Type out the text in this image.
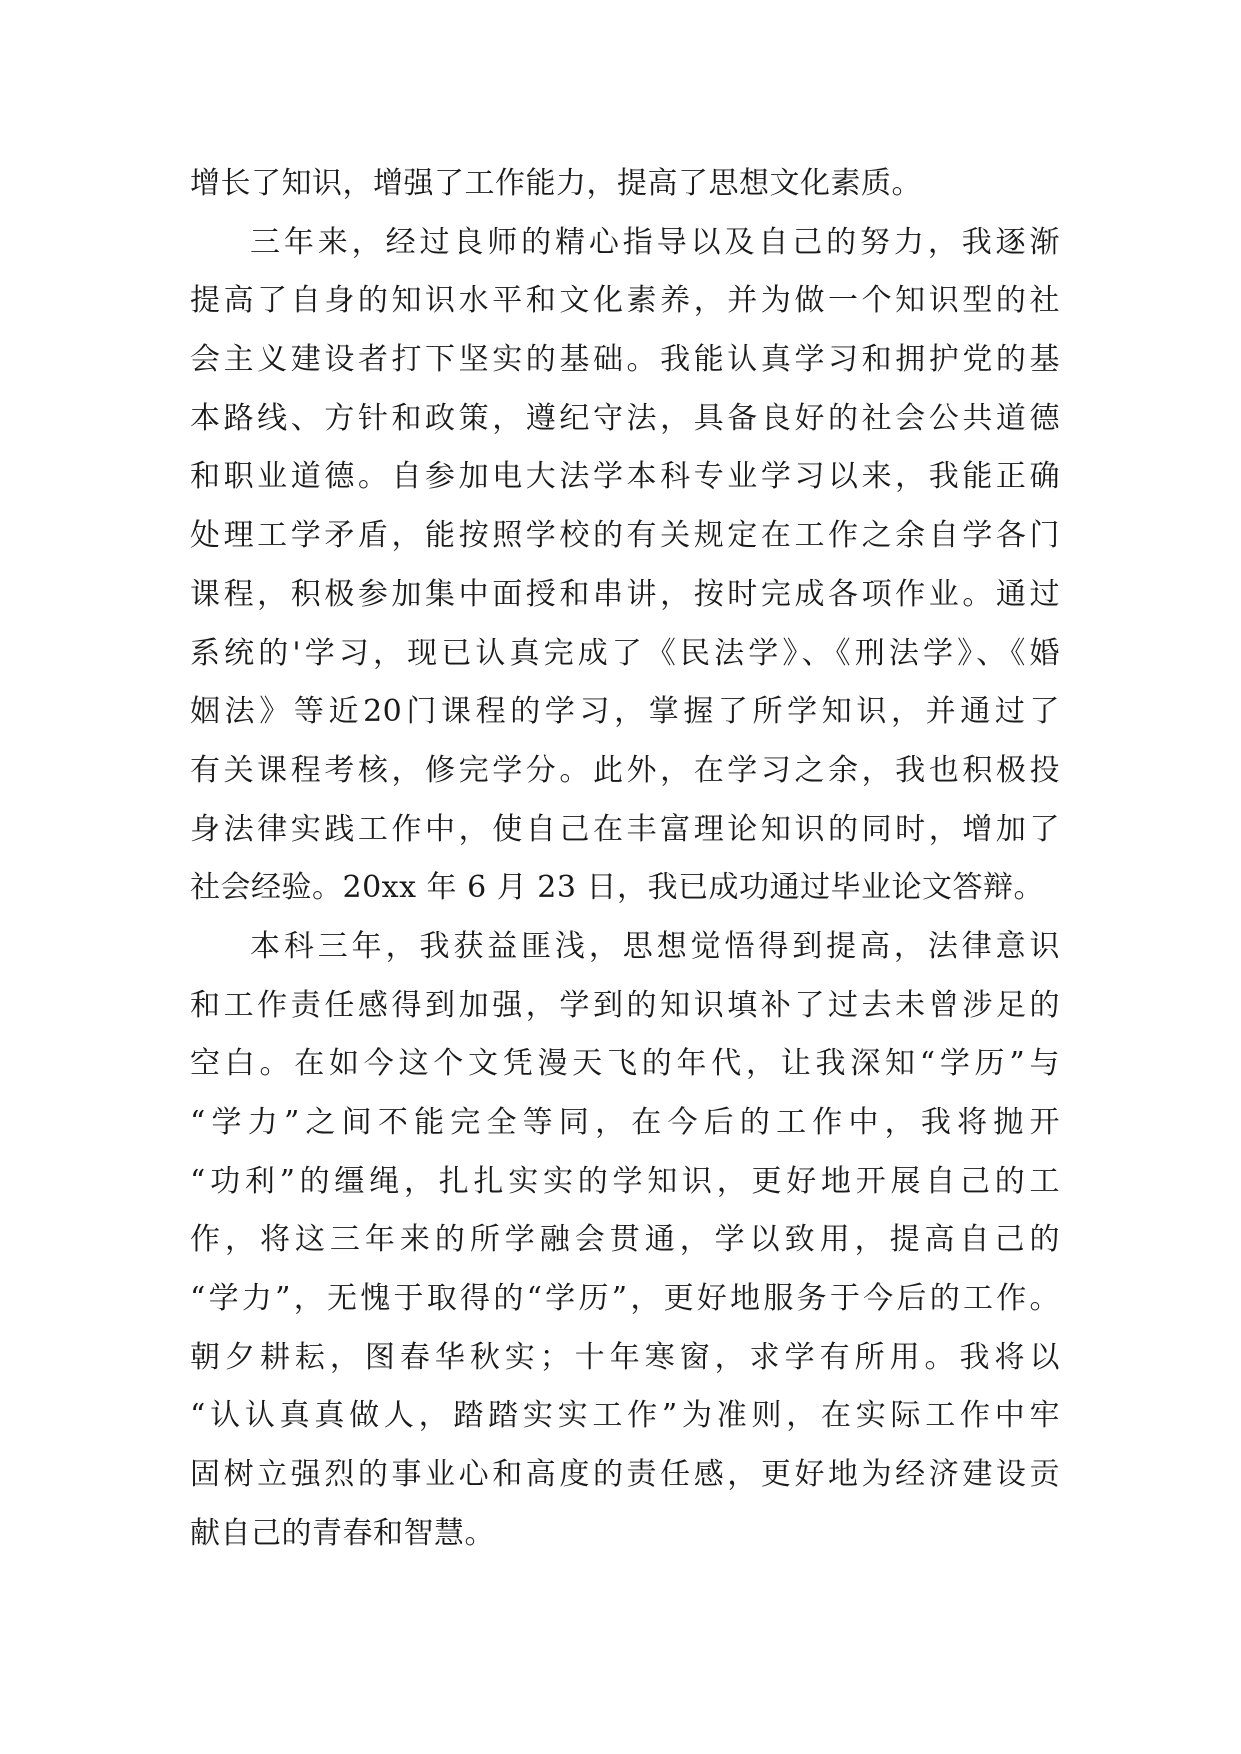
增长了知识，增强了工作能力，提高了思想文化素质。
三年来，经过良师的精心指导以及自己的努力，我逐渐
提高了自身的知识水平和文化素养，并为做一个知识型的社
会主义建设者打下坚实的基础。我能认真学习和拥护党的基
本路线、方针和政策，遵纪守法，具备良好的社会公共道德
和职业道德。自参加电大法学本科专业学习以来，我能正确
处理工学矛盾，能按照学校的有关规定在工作之余自学各门
课程，积极参加集中面授和串讲，按时完成各项作业。通过
系统的'学习，现已认真完成了《民法学》、《刑法学》、《婚
姻法》等近20门课程的学习，掌握了所学知识，并通过了
有关课程考核，修完学分。此外，在学习之余，我也积极投
身法律实践工作中，使自己在丰富理论知识的同时，增加了
社会经验。20xx 年 6 月 23 日，我已成功通过毕业论文答辩。
本科三年，我获益匪浅，思想觉悟得到提高，法律意识
和工作责任感得到加强，学到的知识填补了过去未曾涉足的
空白。在如今这个文凭漫天飞的年代，让我深知“学历”与
“学力”之间不能完全等同，在今后的工作中，我将抛开
“功利”的缰绳，扎扎实实的学知识，更好地开展自己的工
作，将这三年来的所学融会贯通，学以致用，提高自己的
“学力”，无愧于取得的“学历”，更好地服务于今后的工作。
朝夕耕耘，图春华秋实；十年寒窗，求学有所用。我将以
“认认真真做人，踏踏实实工作”为准则，在实际工作中牢
固树立强烈的事业心和高度的责任感，更好地为经济建设贡
献自己的青春和智慧。
